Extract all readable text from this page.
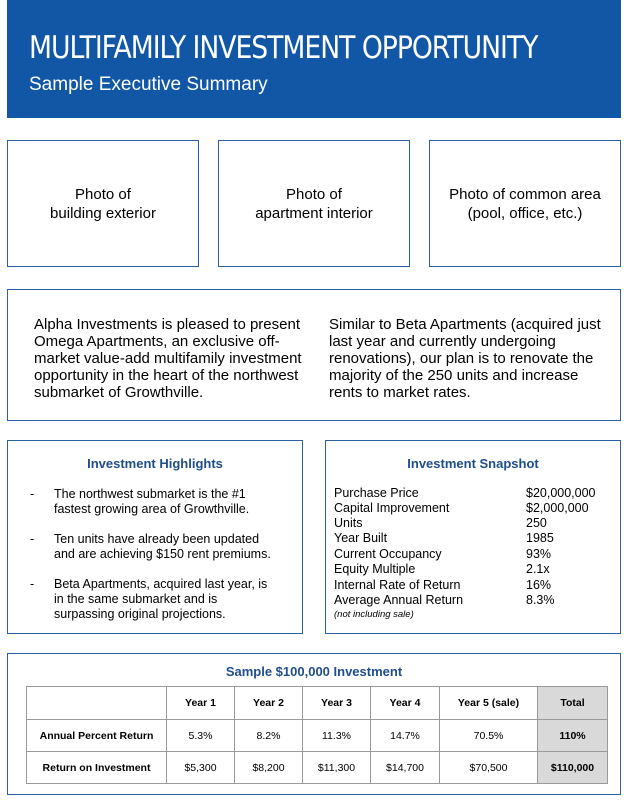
MULTIFAMILY INVESTMENT OPPORTUNITY
Sample Executive Summary
Photo of
building exterior
Photo of
apartment interior
Photo of common area
(pool, office, etc.)
Alpha Investments is pleased to present Omega Apartments, an exclusive off-market value-add multifamily investment opportunity in the heart of the northwest submarket of Growthville.
Similar to Beta Apartments (acquired just last year and currently undergoing renovations), our plan is to renovate the majority of the 250 units and increase rents to market rates.
Investment Highlights
- The northwest submarket is the #1 fastest growing area of Growthville.
- Ten units have already been updated and are achieving $150 rent premiums.
- Beta Apartments, acquired last year, is in the same submarket and is surpassing original projections.
Investment Snapshot
Purchase Price	$20,000,000
Capital Improvement	$2,000,000
Units	250
Year Built	1985
Current Occupancy	93%
Equity Multiple	2.1x
Internal Rate of Return	16%
Average Annual Return	8.3%
(not including sale)
Sample $100,000 Investment
	Year 1	Year 2	Year 3	Year 4	Year 5 (sale)	Total
Annual Percent Return	5.3%	8.2%	11.3%	14.7%	70.5%	110%
Return on Investment	$5,300	$8,200	$11,300	$14,700	$70,500	$110,000
